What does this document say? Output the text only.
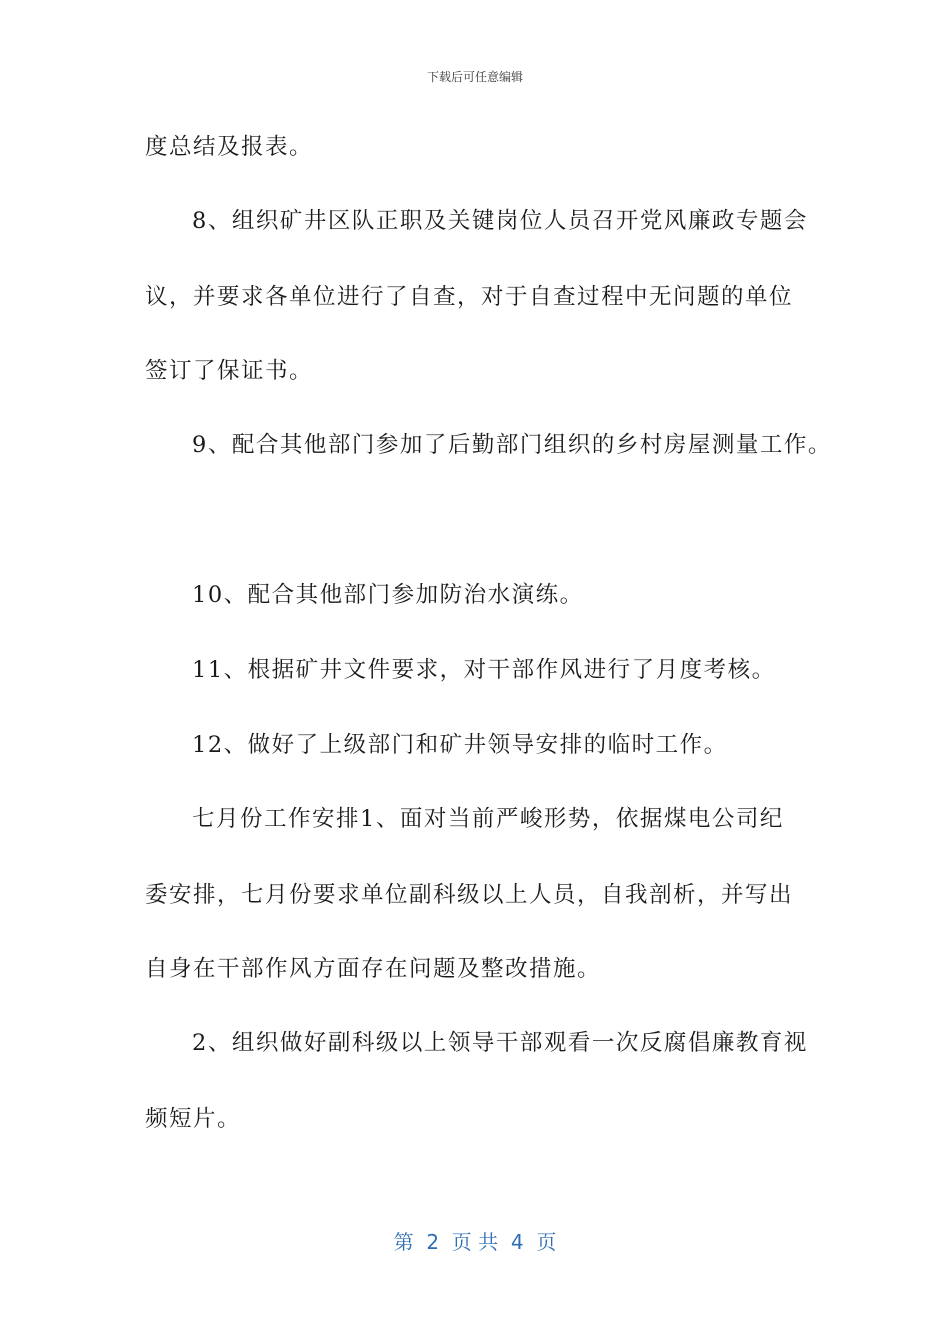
下载后可任意编辑
度总结及报表。
8、组织矿井区队正职及关键岗位人员召开党风廉政专题会
议，并要求各单位进行了自查，对于自查过程中无问题的单位
签订了保证书。
9、配合其他部门参加了后勤部门组织的乡村房屋测量工作。
10、配合其他部门参加防治水演练。
11、根据矿井文件要求，对干部作风进行了月度考核。
12、做好了上级部门和矿井领导安排的临时工作。
七月份工作安排1、面对当前严峻形势，依据煤电公司纪
委安排，七月份要求单位副科级以上人员，自我剖析，并写出
自身在干部作风方面存在问题及整改措施。
2、组织做好副科级以上领导干部观看一次反腐倡廉教育视
频短片。
第  2  页 共  4  页
